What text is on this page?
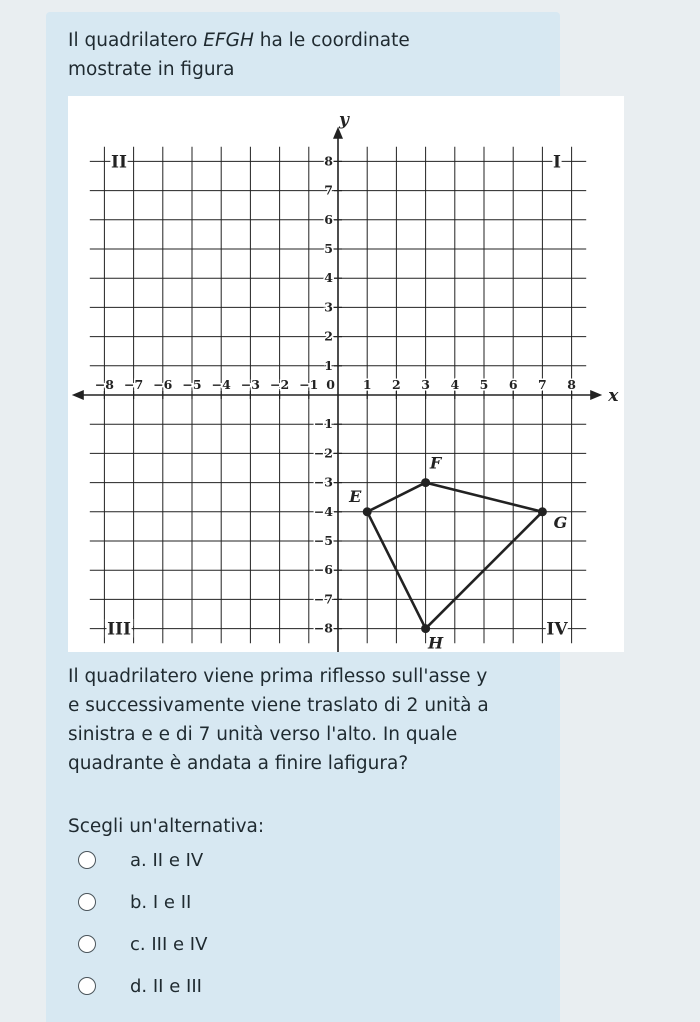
Il quadrilatero EFGH ha le coordinate
mostrate in figura
x
y
−8 −7 −6 −5 −4 −3 −2 −1 0 1 2 3 4 5 6 7 8
8
7
6
5
4
3
2
1
−1
−2
−3
−4
−5
−6
−7
−8
I
II
III	IV
E
F
G
H
Il quadrilatero viene prima riflesso sull'asse y
e successivamente viene traslato di 2 unità a
sinistra e e di 7 unità verso l'alto. In quale
quadrante è andata a finire lafigura?
Scegli un'alternativa:
a. II e IV
b. I e II
c. III e IV
d. II e III
